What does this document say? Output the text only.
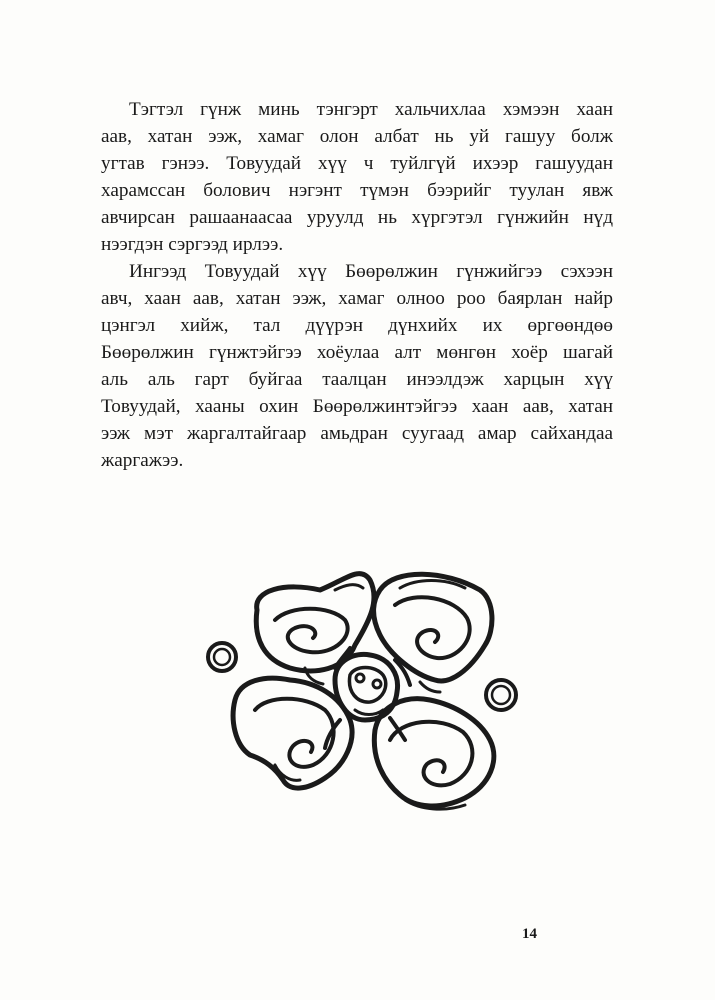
Тэгтэл гүнж минь тэнгэрт хальчихлаа хэмээн хаан
аав, хатан ээж, хамаг олон албат нь уй гашуу болж
угтав гэнээ. Товуудай хүү ч туйлгүй ихээр гашуудан
харамссан болович нэгэнт түмэн бээрийг туулан явж
авчирсан рашаанаасаа уруулд нь хүргэтэл гүнжийн нүд
нээгдэн сэргээд ирлээ.
Ингээд Товуудай хүү Бөөрөлжин гүнжийгээ сэхээн
авч, хаан аав, хатан ээж, хамаг олноо роо баярлан найр
цэнгэл хийж, тал дүүрэн дүнхийх их өргөөндөө
Бөөрөлжин гүнжтэйгээ хоёулаа алт мөнгөн хоёр шагай
аль аль гарт буйгаа таалцан инээлдэж харцын хүү
Товуудай, хааны охин Бөөрөлжинтэйгээ хаан аав, хатан
ээж мэт жаргалтайгаар амьдран суугаад амар сайхандаа
жаргажээ.
14
